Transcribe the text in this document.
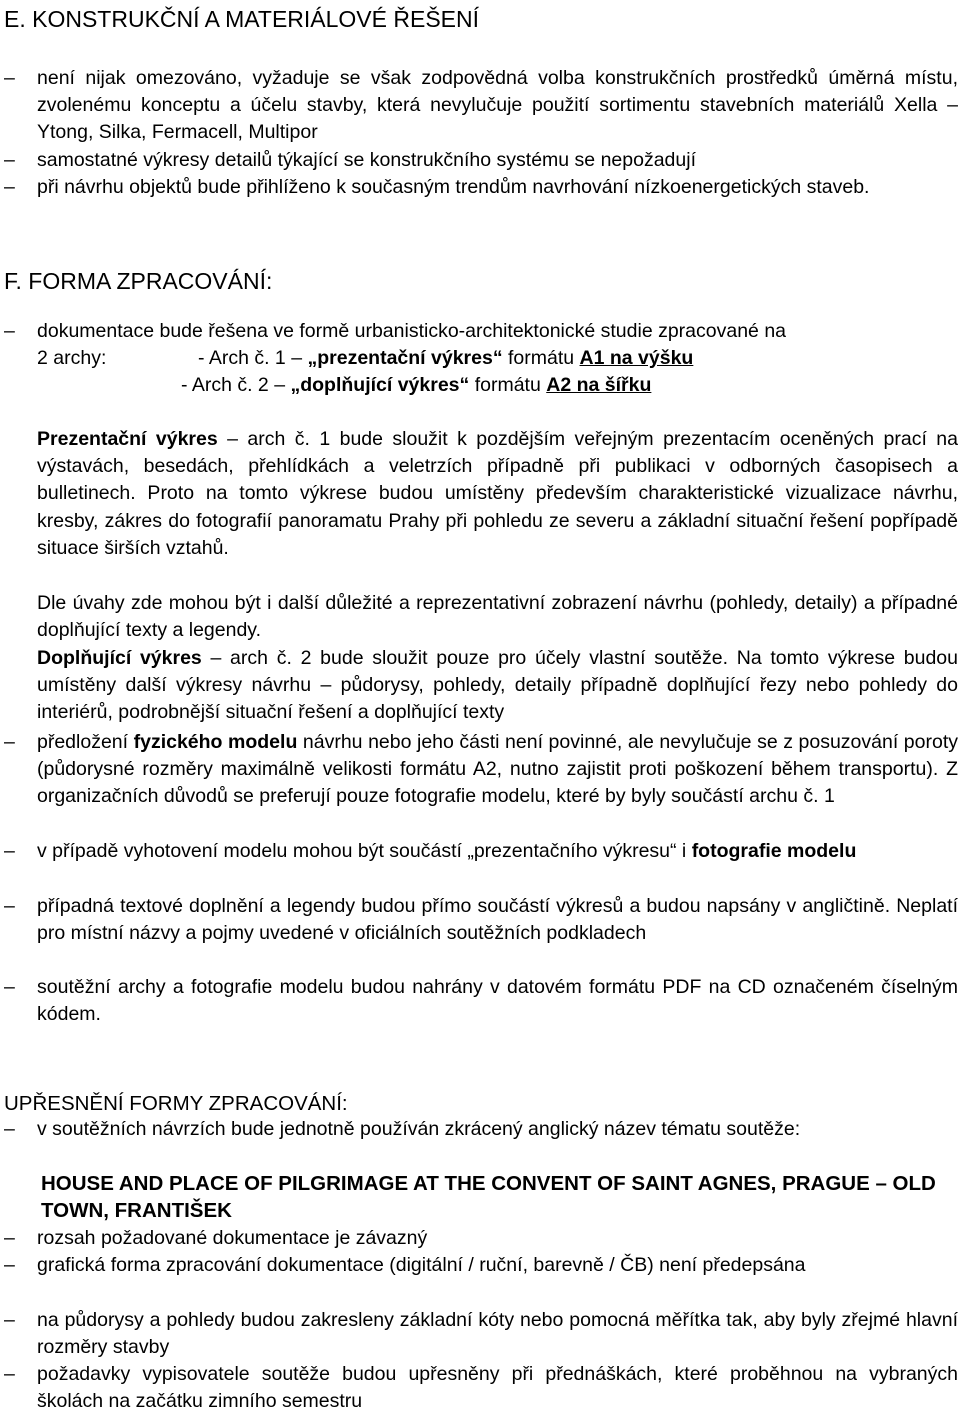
E. KONSTRUKČNÍ A MATERIÁLOVÉ ŘEŠENÍ
– není nijak omezováno, vyžaduje se však zodpovědná volba konstrukčních prostředků úměrná místu, zvolenému konceptu a účelu stavby, která nevylučuje použití sortimentu stavebních materiálů Xella – Ytong, Silka, Fermacell, Multipor
– samostatné výkresy detailů týkající se konstrukčního systému se nepožadují
– při návrhu objektů bude přihlíženo k současným trendům navrhování nízkoenergetických staveb.
F. FORMA ZPRACOVÁNÍ:
– dokumentace bude řešena ve formě urbanisticko-architektonické studie zpracované na
2 archy:	- Arch č. 1 – „prezentační výkres“ formátu A1 na výšku
- Arch č. 2 – „doplňující výkres“ formátu A2 na šířku
Prezentační výkres – arch č. 1 bude sloužit k pozdějším veřejným prezentacím oceněných prací na výstavách, besedách, přehlídkách a veletrzích případně při publikaci v odborných časopisech a bulletinech. Proto na tomto výkrese budou umístěny především charakteristické vizualizace návrhu, kresby, zákres do fotografií panoramatu Prahy při pohledu ze severu a základní situační řešení popřípadě situace širších vztahů.
Dle úvahy zde mohou být i další důležité a reprezentativní zobrazení návrhu (pohledy, detaily) a případné doplňující texty a legendy.
Doplňující výkres – arch č. 2 bude sloužit pouze pro účely vlastní soutěže. Na tomto výkrese budou umístěny další výkresy návrhu – půdorysy, pohledy, detaily případně doplňující řezy nebo pohledy do interiérů, podrobnější situační řešení a doplňující texty
– předložení fyzického modelu návrhu nebo jeho části není povinné, ale nevylučuje se z posuzování poroty (půdorysné rozměry maximálně velikosti formátu A2, nutno zajistit proti poškození během transportu). Z organizačních důvodů se preferují pouze fotografie modelu, které by byly součástí archu č. 1
– v případě vyhotovení modelu mohou být součástí „prezentačního výkresu“ i fotografie modelu
– případná textové doplnění a legendy budou přímo součástí výkresů a budou napsány v angličtině. Neplatí pro místní názvy a pojmy uvedené v oficiálních soutěžních podkladech
– soutěžní archy a fotografie modelu budou nahrány v datovém formátu PDF na CD označeném číselným kódem.
UPŘESNĚNÍ FORMY ZPRACOVÁNÍ:
– v soutěžních návrzích bude jednotně používán zkrácený anglický název tématu soutěže:
HOUSE AND PLACE OF PILGRIMAGE AT THE CONVENT OF SAINT AGNES, PRAGUE – OLD TOWN, FRANTIŠEK
– rozsah požadované dokumentace je závazný
– grafická forma zpracování dokumentace (digitální / ruční, barevně / ČB) není předepsána
– na půdorysy a pohledy budou zakresleny základní kóty nebo pomocná měřítka tak, aby byly zřejmé hlavní rozměry stavby
– požadavky vypisovatele soutěže budou upřesněny při přednáškách, které proběhnou na vybraných školách na začátku zimního semestru
